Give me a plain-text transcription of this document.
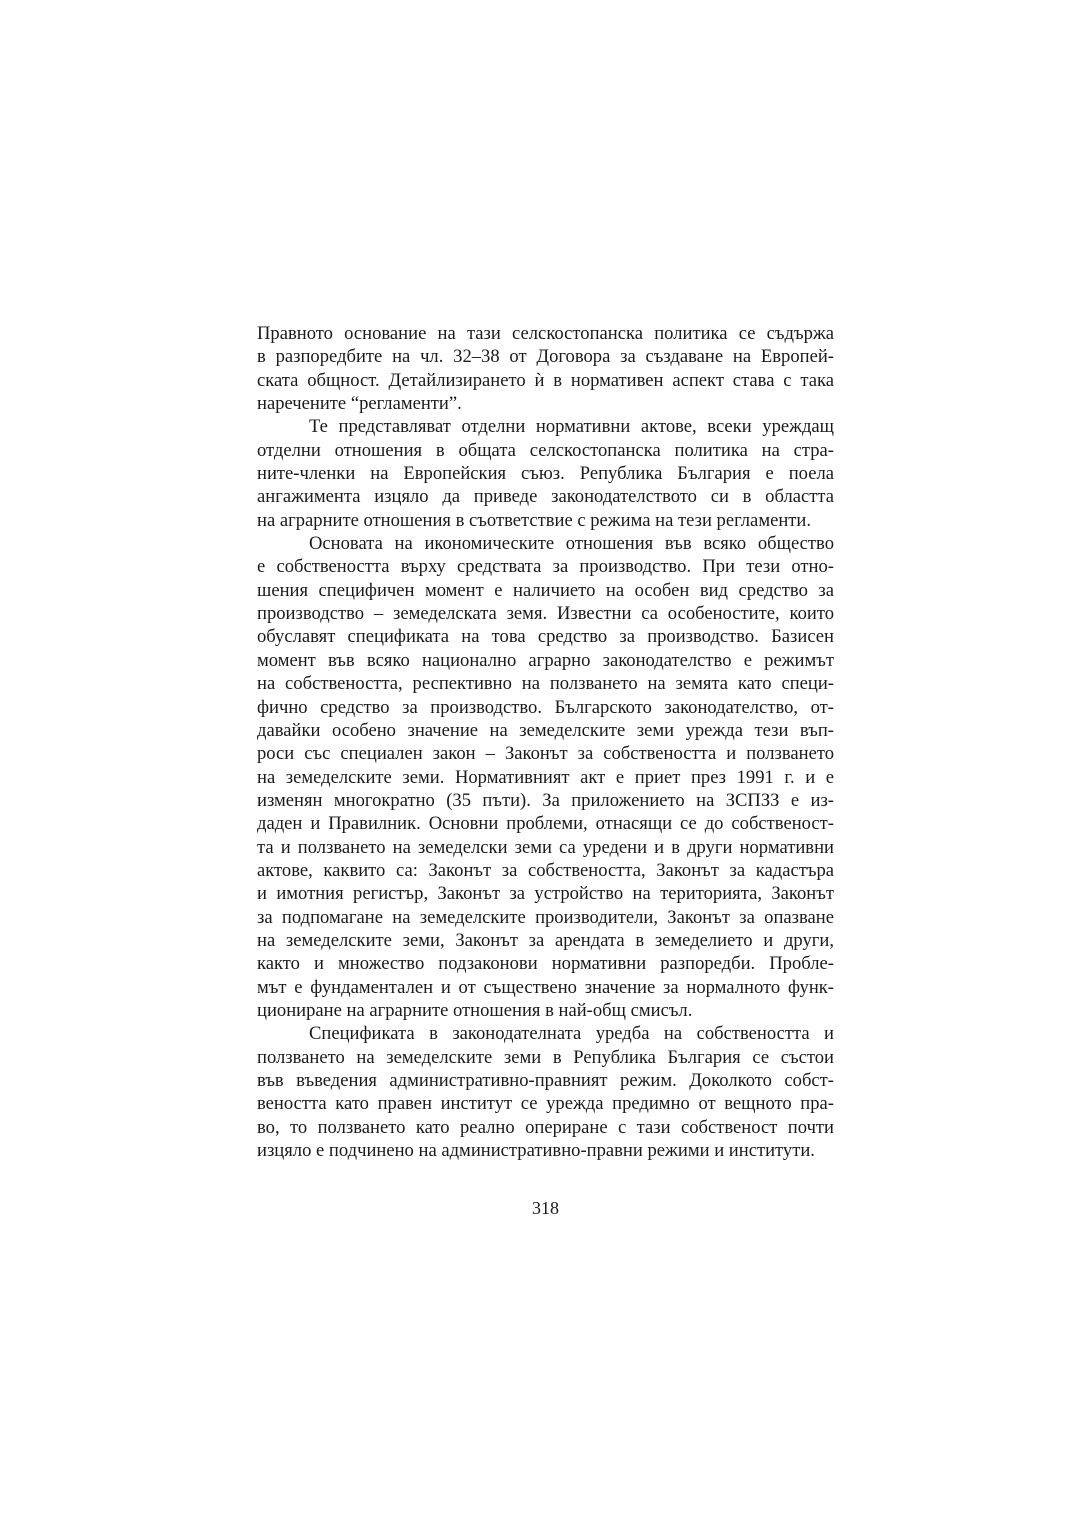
Правното основание на тази селскостопанска политика се съдържа
в разпоредбите на чл. 32–38 от Договора за създаване на Европей-
ската общност. Детайлизирането ѝ в нормативен аспект става с така
наречените “регламенти”.
Те представляват отделни нормативни актове, всеки уреждащ
отделни отношения в общата селскостопанска политика на стра-
ните-членки на Европейския съюз. Република България е поела
ангажимента изцяло да приведе законодателството си в областта
на аграрните отношения в съответствие с режима на тези регламенти.
Основата на икономическите отношения във всяко общество
е собствеността върху средствата за производство. При тези отно-
шения специфичен момент е наличието на особен вид средство за
производство – земеделската земя. Известни са особеностите, които
обуславят спецификата на това средство за производство. Базисен
момент във всяко национално аграрно законодателство е режимът
на собствеността, респективно на ползването на земята като специ-
фично средство за производство. Българското законодателство, от-
давайки особено значение на земеделските земи урежда тези въп-
роси със специален закон – Законът за собствеността и ползването
на земеделските земи. Нормативният акт е приет през 1991 г. и е
изменян многократно (35 пъти). За приложението на ЗСПЗЗ е из-
даден и Правилник. Основни проблеми, отнасящи се до собственост-
та и ползването на земеделски земи са уредени и в други нормативни
актове, каквито са: Законът за собствеността, Законът за кадастъра
и имотния регистър, Законът за устройство на територията, Законът
за подпомагане на земеделските производители, Законът за опазване
на земеделските земи, Законът за арендата в земеделието и други,
както и множество подзаконови нормативни разпоредби. Пробле-
мът е фундаментален и от съществено значение за нормалното функ-
циониране на аграрните отношения в най-общ смисъл.
Спецификата в законодателната уредба на собствеността и
ползването на земеделските земи в Република България се състои
във въведения административно-правният режим. Доколкото собст-
веността като правен институт се урежда предимно от вещното пра-
во, то ползването като реално опериране с тази собственост почти
изцяло е подчинено на административно-правни режими и институти.
318
